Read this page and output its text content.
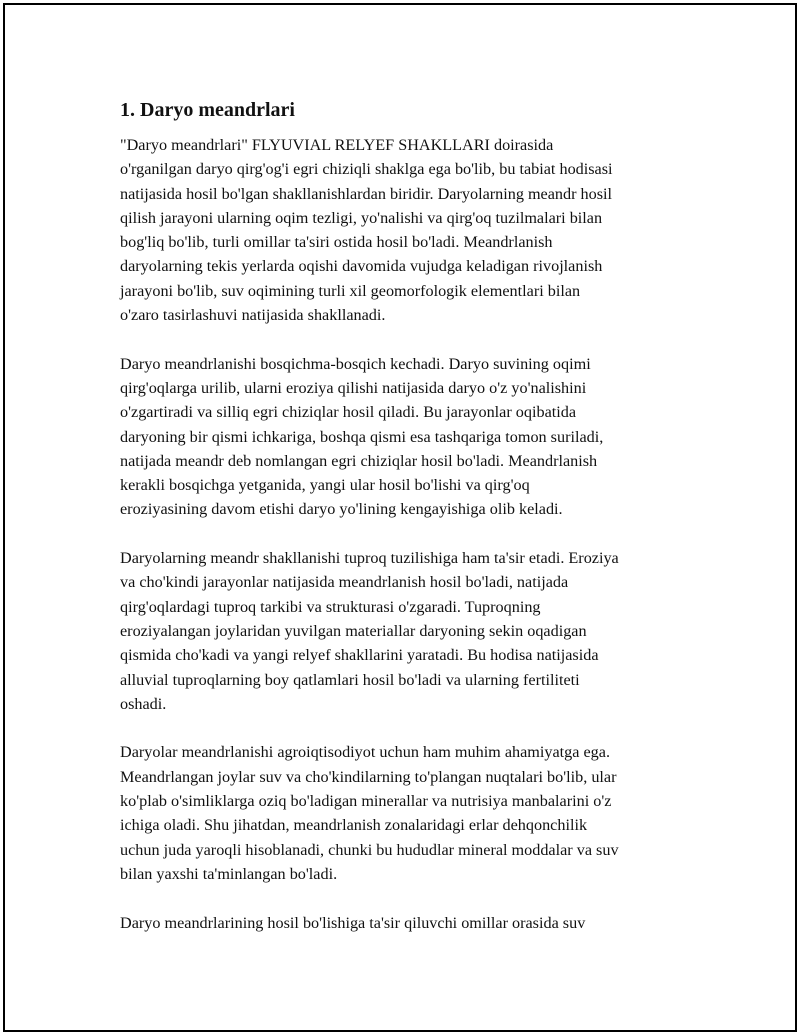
1. Daryo meandrlari

"Daryo meandrlari" FLYUVIAL RELYEF SHAKLLARI doirasida
o'rganilgan daryo qirg'og'i egri chiziqli shaklga ega bo'lib, bu tabiat hodisasi
natijasida hosil bo'lgan shakllanishlardan biridir. Daryolarning meandr hosil
qilish jarayoni ularning oqim tezligi, yo'nalishi va qirg'oq tuzilmalari bilan
bog'liq bo'lib, turli omillar ta'siri ostida hosil bo'ladi. Meandrlanish
daryolarning tekis yerlarda oqishi davomida vujudga keladigan rivojlanish
jarayoni bo'lib, suv oqimining turli xil geomorfologik elementlari bilan
o'zaro tasirlashuvi natijasida shakllanadi.

Daryo meandrlanishi bosqichma-bosqich kechadi. Daryo suvining oqimi
qirg'oqlarga urilib, ularni eroziya qilishi natijasida daryo o'z yo'nalishini
o'zgartiradi va silliq egri chiziqlar hosil qiladi. Bu jarayonlar oqibatida
daryoning bir qismi ichkariga, boshqa qismi esa tashqariga tomon suriladi,
natijada meandr deb nomlangan egri chiziqlar hosil bo'ladi. Meandrlanish
kerakli bosqichga yetganida, yangi ular hosil bo'lishi va qirg'oq
eroziyasining davom etishi daryo yo'lining kengayishiga olib keladi.

Daryolarning meandr shakllanishi tuproq tuzilishiga ham ta'sir etadi. Eroziya
va cho'kindi jarayonlar natijasida meandrlanish hosil bo'ladi, natijada
qirg'oqlardagi tuproq tarkibi va strukturasi o'zgaradi. Tuproqning
eroziyalangan joylaridan yuvilgan materiallar daryoning sekin oqadigan
qismida cho'kadi va yangi relyef shakllarini yaratadi. Bu hodisa natijasida
alluvial tuproqlarning boy qatlamlari hosil bo'ladi va ularning fertiliteti
oshadi.

Daryolar meandrlanishi agroiqtisodiyot uchun ham muhim ahamiyatga ega.
Meandrlangan joylar suv va cho'kindilarning to'plangan nuqtalari bo'lib, ular
ko'plab o'simliklarga oziq bo'ladigan minerallar va nutrisiya manbalarini o'z
ichiga oladi. Shu jihatdan, meandrlanish zonalaridagi erlar dehqonchilik
uchun juda yaroqli hisoblanadi, chunki bu hududlar mineral moddalar va suv
bilan yaxshi ta'minlangan bo'ladi.

Daryo meandrlarining hosil bo'lishiga ta'sir qiluvchi omillar orasida suv
